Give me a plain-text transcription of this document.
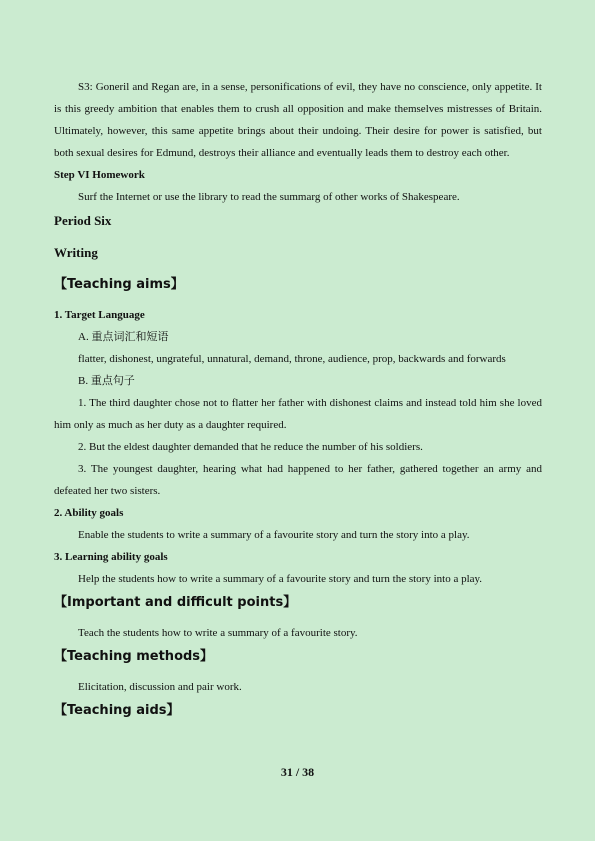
S3: Goneril and Regan are, in a sense, personifications of evil, they have no conscience, only appetite. It is this greedy ambition that enables them to crush all opposition and make themselves mistresses of Britain. Ultimately, however, this same appetite brings about their undoing. Their desire for power is satisfied, but both sexual desires for Edmund, destroys their alliance and eventually leads them to destroy each other.

Step VI Homework

Surf the Internet or use the library to read the summarg of other works of Shakespeare.

Period Six
Writing
【Teaching aims】
1. Target Language

A. 重点词汇和短语

flatter, dishonest, ungrateful, unnatural, demand, throne, audience, prop, backwards and forwards

B. 重点句子

1. The third daughter chose not to flatter her father with dishonest claims and instead told him she loved him only as much as her duty as a daughter required.

2. But the eldest daughter demanded that he reduce the number of his soldiers.

3. The youngest daughter, hearing what had happened to her father, gathered together an army and defeated her two sisters.

2. Ability goals

Enable the students to write a summary of a favourite story and turn the story into a play.

3. Learning ability goals

Help the students how to write a summary of a favourite story and turn the story into a play.

【Important and difficult points】

Teach the students how to write a summary of a favourite story.

【Teaching methods】

Elicitation, discussion and pair work.

【Teaching aids】
31 / 38
